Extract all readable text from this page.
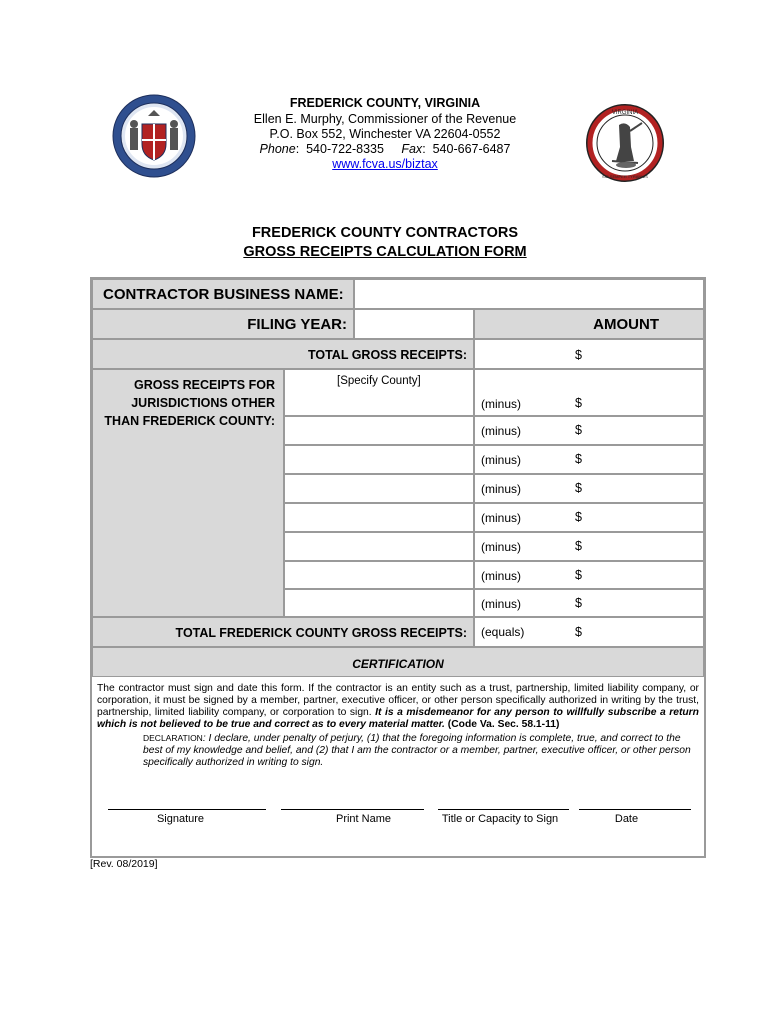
VIRGINIA
SIC SEMPER TYRANNIS
FREDERICK COUNTY, VIRGINIA
Ellen E. Murphy, Commissioner of the Revenue
P.O. Box 552, Winchester VA 22604-0552
Phone:  540-722-8335 Fax:  540-667-6487
www.fcva.us/biztax
FREDERICK COUNTY CONTRACTORS
GROSS RECEIPTS CALCULATION FORM
CONTRACTOR BUSINESS NAME:
FILING YEAR:	AMOUNT
TOTAL GROSS RECEIPTS:	$
GROSS RECEIPTS FOR
JURISDICTIONS OTHER
THAN FREDERICK COUNTY:
[Specify County]
(minus)	$
(minus)	$
(minus)	$
(minus)	$
(minus)	$
(minus)	$
(minus)	$
(minus)	$
TOTAL FREDERICK COUNTY GROSS RECEIPTS: (equals)	$
CERTIFICATION
The contractor must sign and date this form. If the contractor is an entity such as a trust, partnership, limited liability company, or corporation, it must be signed by a member, partner, executive officer, or other person specifically authorized in writing by the trust, partnership, limited liability company, or corporation to sign. It is a misdemeanor for any person to willfully subscribe a return which is not believed to be true and correct as to every material matter. (Code Va. Sec. 58.1-11)
DECLARATION: I declare, under penalty of perjury, (1) that the foregoing information is complete, true, and correct to the best of my knowledge and belief, and (2) that I am the contractor or a member, partner, executive officer, or other person specifically authorized in writing to sign.
Signature	Print Name	Title or Capacity to Sign	Date
[Rev. 08/2019]
